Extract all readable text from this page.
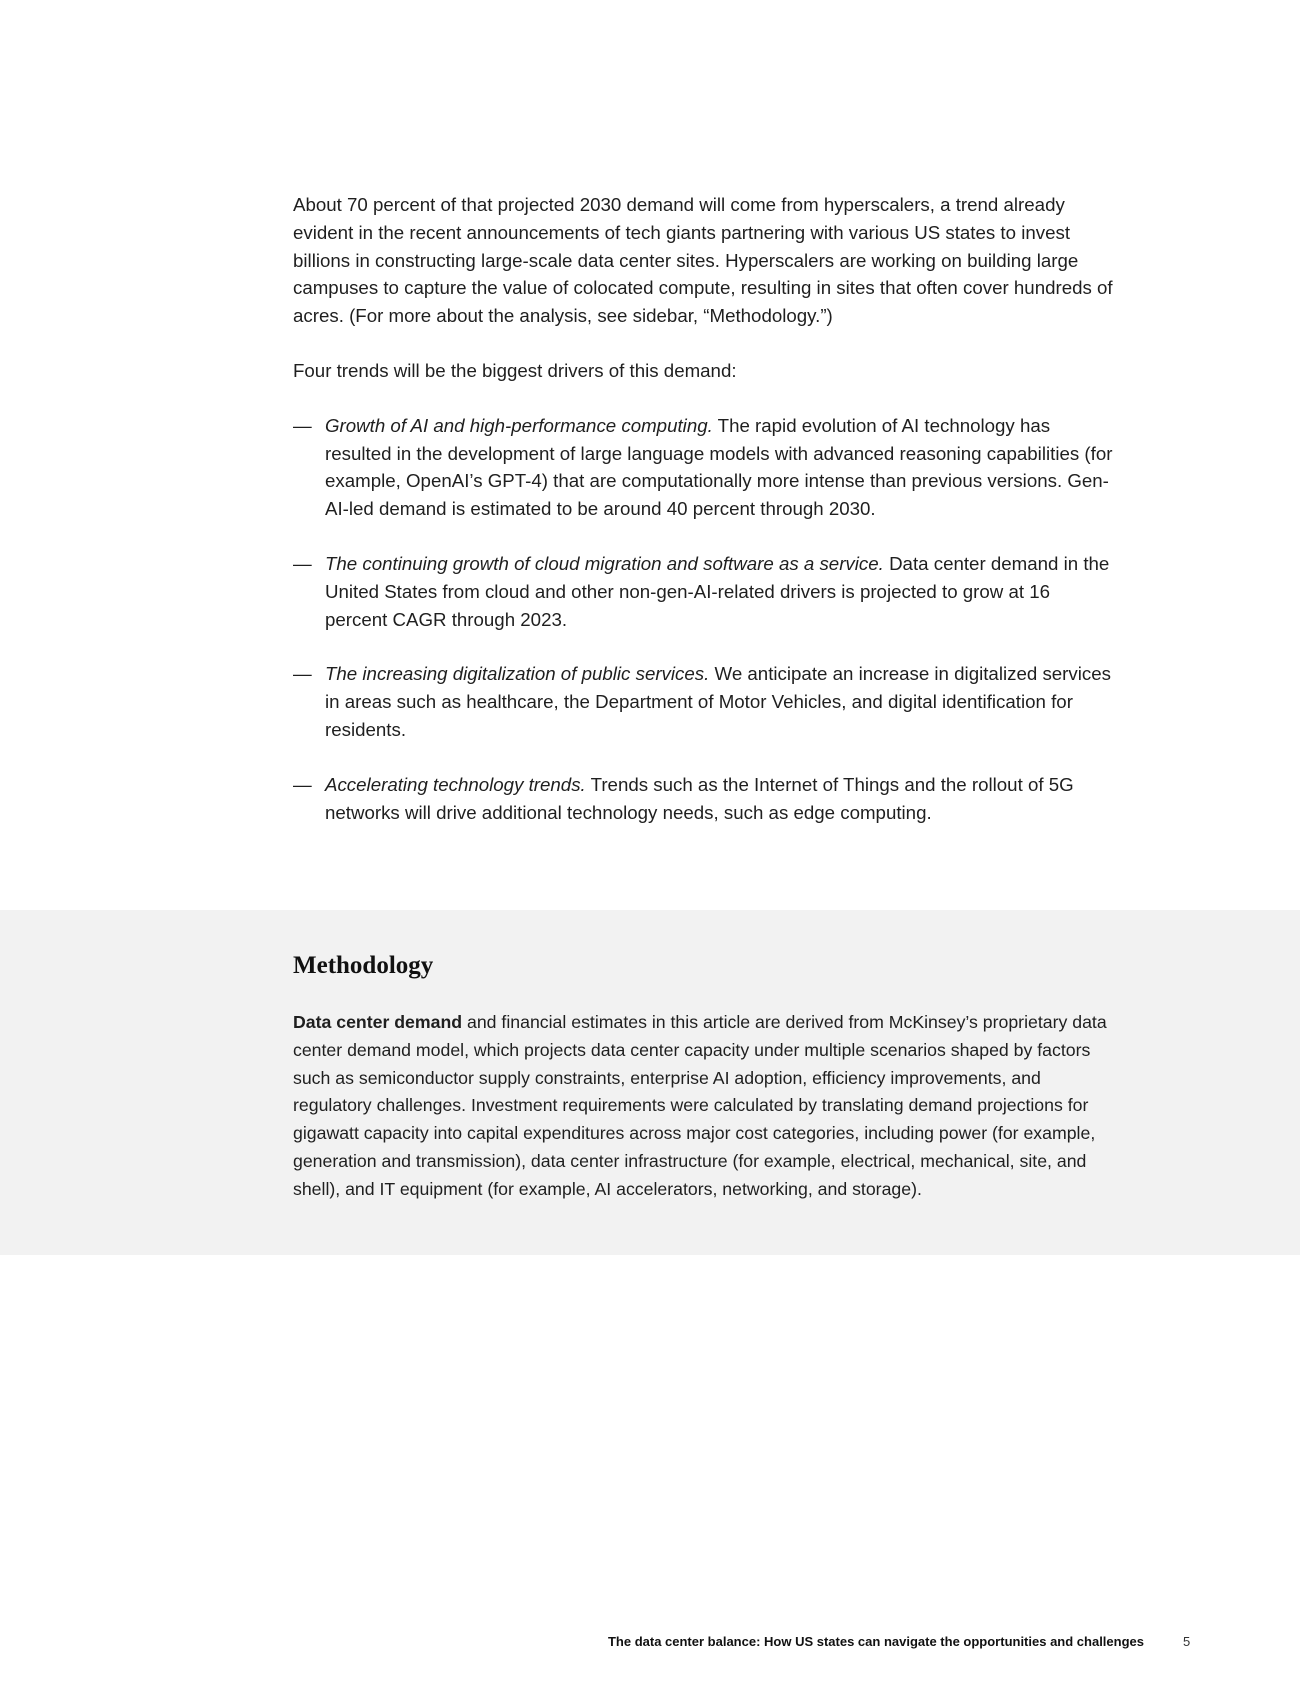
About 70 percent of that projected 2030 demand will come from hyperscalers, a trend already evident in the recent announcements of tech giants partnering with various US states to invest billions in constructing large-scale data center sites. Hyperscalers are working on building large campuses to capture the value of colocated compute, resulting in sites that often cover hundreds of acres. (For more about the analysis, see sidebar, “Methodology.”)

Four trends will be the biggest drivers of this demand:

— Growth of AI and high-performance computing. The rapid evolution of AI technology has resulted in the development of large language models with advanced reasoning capabilities (for example, OpenAI’s GPT-4) that are computationally more intense than previous versions. Gen-AI-led demand is estimated to be around 40 percent through 2030.
— The continuing growth of cloud migration and software as a service. Data center demand in the United States from cloud and other non-gen-AI-related drivers is projected to grow at 16 percent CAGR through 2023.
— The increasing digitalization of public services. We anticipate an increase in digitalized services in areas such as healthcare, the Department of Motor Vehicles, and digital identification for residents.
— Accelerating technology trends. Trends such as the Internet of Things and the rollout of 5G networks will drive additional technology needs, such as edge computing.
Methodology

Data center demand and financial estimates in this article are derived from McKinsey’s proprietary data center demand model, which projects data center capacity under multiple scenarios shaped by factors such as semiconductor supply constraints, enterprise AI adoption, efficiency improvements, and regulatory challenges. Investment requirements were calculated by translating demand projections for gigawatt capacity into capital expenditures across major cost categories, including power (for example, generation and transmission), data center infrastructure (for example, electrical, mechanical, site, and shell), and IT equipment (for example, AI accelerators, networking, and storage).

The data center balance: How US states can navigate the opportunities and challenges	5
